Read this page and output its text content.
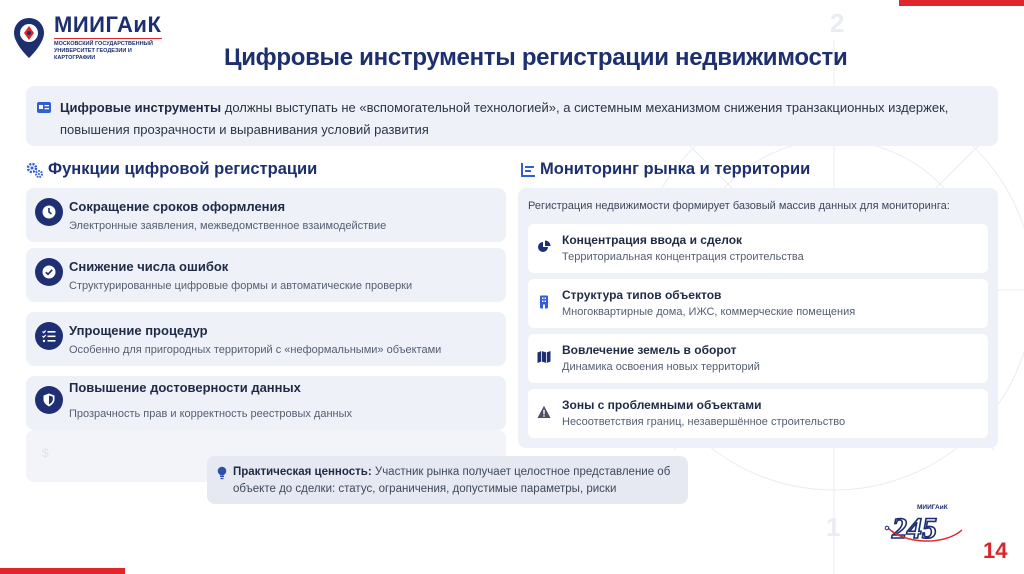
2
1
МИИГАиК
МОСКОВСКИЙ ГОСУДАРСТВЕННЫЙ УНИВЕРСИТЕТ ГЕОДЕЗИИ И КАРТОГРАФИИ	Цифровые инструменты регистрации недвижимости
Цифровые инструменты должны выступать не «вспомогательной технологией», а системным механизмом снижения транзакционных издержек, повышения прозрачности и выравнивания условий развития
Функции цифровой регистрации
Сокращение сроков оформления
Электронные заявления, межведомственное взаимодействие
Снижение числа ошибок
Структурированные цифровые формы и автоматические проверки
Упрощение процедур
Особенно для пригородных территорий с «неформальными» объектами
Повышение достоверности данных
Прозрачность прав и корректность реестровых данных
$
Мониторинг рынка и территории
Регистрация недвижимости формирует базовый массив данных для мониторинга:
Концентрация ввода и сделок
Территориальная концентрация строительства
Структура типов объектов
Многоквартирные дома, ИЖС, коммерческие помещения
Вовлечение земель в оборот
Динамика освоения новых территорий
Зоны с проблемными объектами
Несоответствия границ, незавершённое строительство
Практическая ценность: Участник рынка получает целостное представление об объекте до сделки: статус, ограничения, допустимые параметры, риски
МИИГАиК
245
14
